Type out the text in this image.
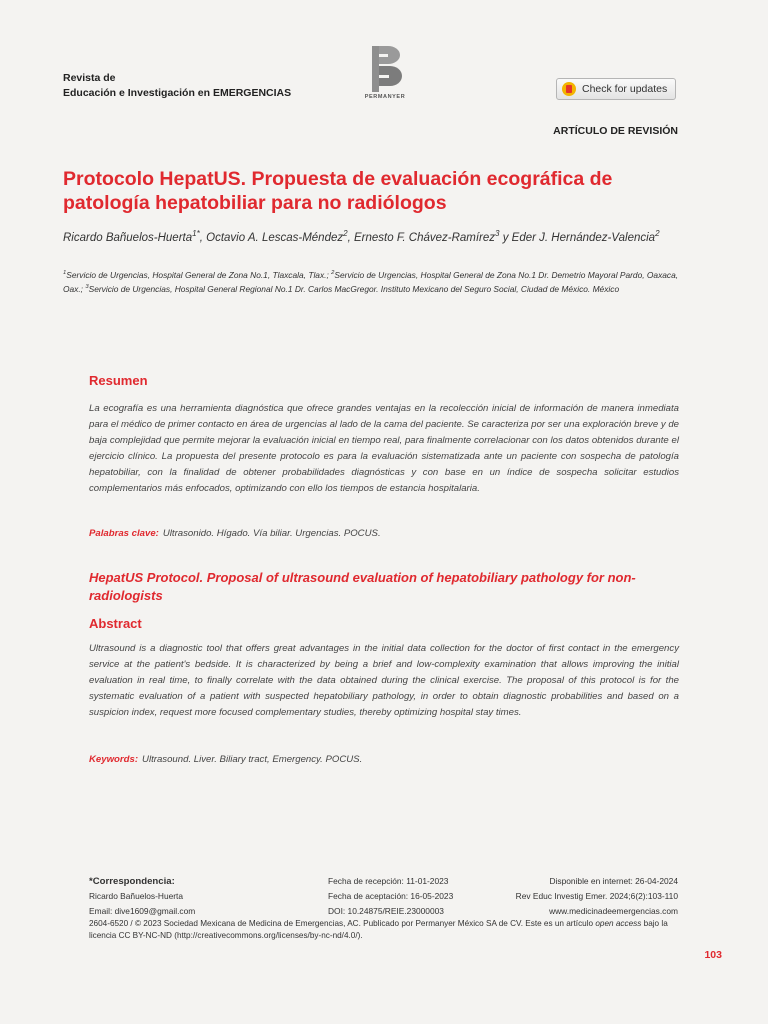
Revista de
Educación e Investigación en EMERGENCIAS	PERMANYER
Check for updates
ARTÍCULO DE REVISIÓN
Protocolo HepatUS. Propuesta de evaluación ecográfica de patología hepatobiliar para no radiólogos
Ricardo Bañuelos-Huerta$^{1*}$, Octavio A. Lescas-Méndez$^2$, Ernesto F. Chávez-Ramírez$^3$ y Eder J. Hernández-Valencia$^2$
$^1$Servicio de Urgencias, Hospital General de Zona No.1, Tlaxcala, Tlax.; $^2$Servicio de Urgencias, Hospital General de Zona No.1 Dr. Demetrio Mayoral Pardo, Oaxaca, Oax.; $^3$Servicio de Urgencias, Hospital General Regional No.1 Dr. Carlos MacGregor. Instituto Mexicano del Seguro Social, Ciudad de México. México
Resumen
La ecografía es una herramienta diagnóstica que ofrece grandes ventajas en la recolección inicial de información de manera inmediata para el médico de primer contacto en área de urgencias al lado de la cama del paciente. Se caracteriza por ser una exploración breve y de baja complejidad que permite mejorar la evaluación inicial en tiempo real, para finalmente correlacionar con los datos obtenidos durante el ejercicio clínico. La propuesta del presente protocolo es para la evaluación sistematizada ante un paciente con sospecha de patología hepatobiliar, con la finalidad de obtener probabilidades diagnósticas y con base en un índice de sospecha solicitar estudios complementarios más enfocados, optimizando con ello los tiempos de estancia hospitalaria.
Palabras clave: Ultrasonido. Hígado. Vía biliar. Urgencias. POCUS.
HepatUS Protocol. Proposal of ultrasound evaluation of hepatobiliary pathology for non-radiologists
Abstract
Ultrasound is a diagnostic tool that offers great advantages in the initial data collection for the doctor of first contact in the emergency service at the patient's bedside. It is characterized by being a brief and low-complexity examination that allows improving the initial evaluation in real time, to finally correlate with the data obtained during the clinical exercise. The proposal of this protocol is for the systematic evaluation of a patient with suspected hepatobiliary pathology, in order to obtain diagnostic probabilities and based on a suspicion index, request more focused complementary studies, thereby optimizing hospital stay times.
Keywords: Ultrasound. Liver. Biliary tract, Emergency. POCUS.
*Correspondencia:
Ricardo Bañuelos-Huerta
Email: dive1609@gmail.com
Fecha de recepción: 11-01-2023
Fecha de aceptación: 16-05-2023
DOI: 10.24875/REIE.23000003
Disponible en internet: 26-04-2024
Rev Educ Investig Emer. 2024;6(2):103-110
www.medicinadeemergencias.com
2604-6520 / © 2023 Sociedad Mexicana de Medicina de Emergencias, AC. Publicado por Permanyer México SA de CV. Este es un artículo open access bajo la licencia CC BY-NC-ND (http://creativecommons.org/licenses/by-nc-nd/4.0/).
103
